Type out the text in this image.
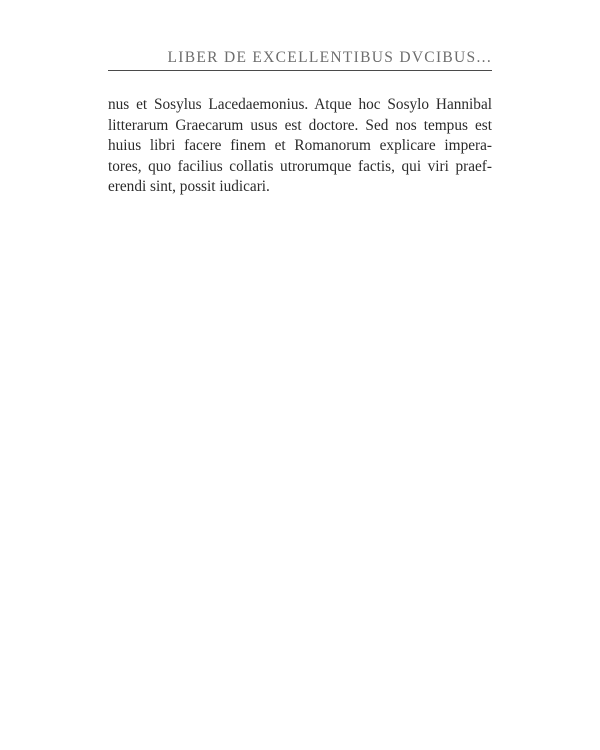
LIBER DE EXCELLENTIBUS DVCIBUS...
nus et Sosylus Lacedaemonius. Atque hoc Sosylo Hannibal
litterarum Graecarum usus est doctore. Sed nos tempus est
huius libri facere finem et Romanorum explicare impera-
tores, quo facilius collatis utrorumque factis, qui viri praef-
erendi sint, possit iudicari.
